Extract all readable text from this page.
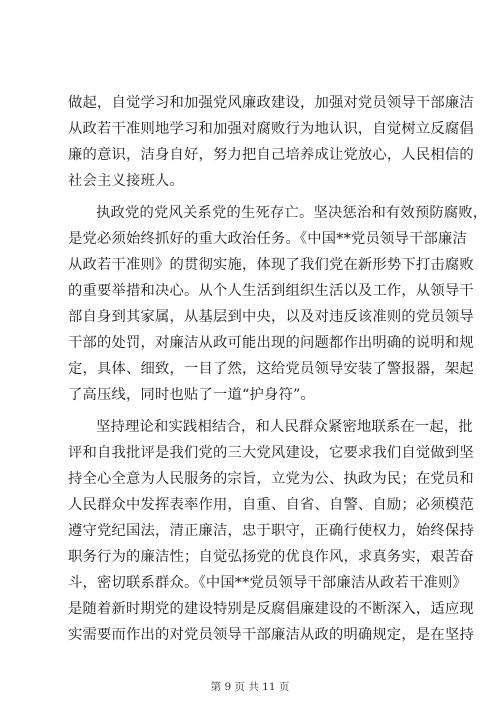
做起，自觉学习和加强党风廉政建设，加强对党员领导干部廉洁
从政若干准则地学习和加强对腐败行为地认识，自觉树立反腐倡
廉的意识，洁身自好，努力把自己培养成让党放心，人民相信的
社会主义接班人。
执政党的党风关系党的生死存亡。坚决惩治和有效预防腐败，
是党必须始终抓好的重大政治任务。《中国**党员领导干部廉洁
从政若干准则》的贯彻实施，体现了我们党在新形势下打击腐败
的重要举措和决心。从个人生活到组织生活以及工作，从领导干
部自身到其家属，从基层到中央，以及对违反该准则的党员领导
干部的处罚，对廉洁从政可能出现的问题都作出明确的说明和规
定，具体、细致，一目了然，这给党员领导安装了警报器，架起
了高压线，同时也贴了一道“护身符”。
坚持理论和实践相结合，和人民群众紧密地联系在一起，批
评和自我批评是我们党的三大党风建设，它要求我们自觉做到坚
持全心全意为人民服务的宗旨，立党为公、执政为民；在党员和
人民群众中发挥表率作用，自重、自省、自警、自励；必须模范
遵守党纪国法，清正廉洁，忠于职守，正确行使权力，始终保持
职务行为的廉洁性；自觉弘扬党的优良作风，求真务实，艰苦奋
斗，密切联系群众。《中国**党员领导干部廉洁从政若干准则》
是随着新时期党的建设特别是反腐倡廉建设的不断深入，适应现
实需要而作出的对党员领导干部廉洁从政的明确规定，是在坚持
第 9 页 共 11 页
